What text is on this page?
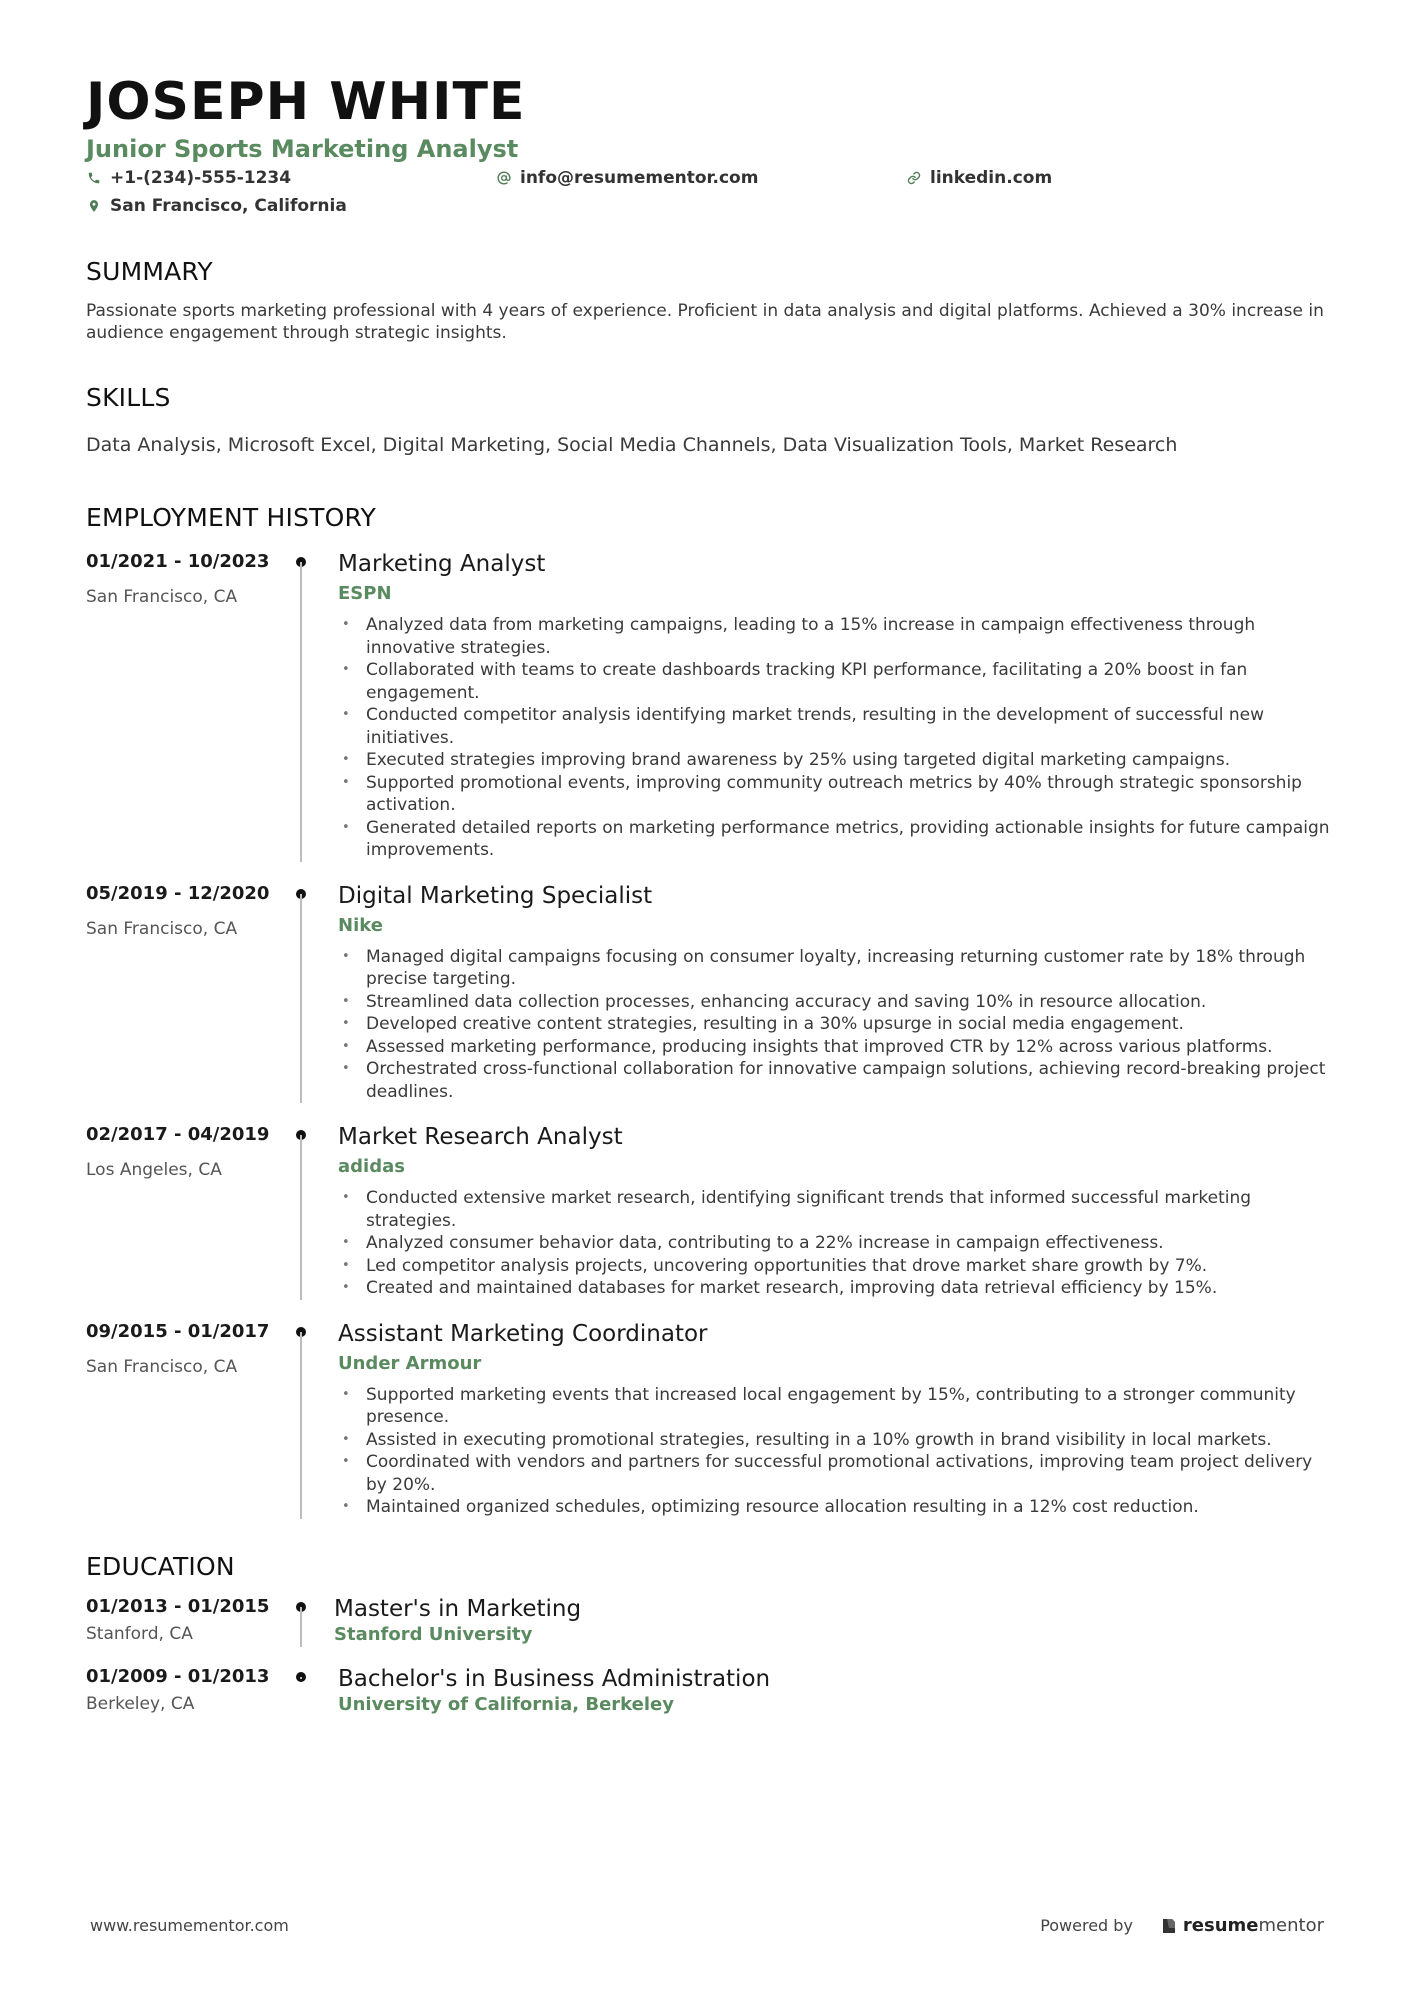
JOSEPH WHITE
Junior Sports Marketing Analyst
+1-(234)-555-1234	info@resumementor.com	linkedin.com
San Francisco, California
SUMMARY
Passionate sports marketing professional with 4 years of experience. Proficient in data analysis and digital platforms. Achieved a 30% increase in audience engagement through strategic insights.
SKILLS
Data Analysis, Microsoft Excel, Digital Marketing, Social Media Channels, Data Visualization Tools, Market Research
EMPLOYMENT HISTORY
01/2021 - 10/2023
San Francisco, CA
Marketing Analyst
ESPN
• Analyzed data from marketing campaigns, leading to a 15% increase in campaign effectiveness through innovative strategies.
• Collaborated with teams to create dashboards tracking KPI performance, facilitating a 20% boost in fan engagement.
• Conducted competitor analysis identifying market trends, resulting in the development of successful new initiatives.
• Executed strategies improving brand awareness by 25% using targeted digital marketing campaigns.
• Supported promotional events, improving community outreach metrics by 40% through strategic sponsorship activation.
• Generated detailed reports on marketing performance metrics, providing actionable insights for future campaign improvements.
05/2019 - 12/2020
San Francisco, CA
Digital Marketing Specialist
Nike
• Managed digital campaigns focusing on consumer loyalty, increasing returning customer rate by 18% through precise targeting.
• Streamlined data collection processes, enhancing accuracy and saving 10% in resource allocation.
• Developed creative content strategies, resulting in a 30% upsurge in social media engagement.
• Assessed marketing performance, producing insights that improved CTR by 12% across various platforms.
• Orchestrated cross-functional collaboration for innovative campaign solutions, achieving record-breaking project deadlines.
02/2017 - 04/2019
Los Angeles, CA
Market Research Analyst
adidas
• Conducted extensive market research, identifying significant trends that informed successful marketing strategies.
• Analyzed consumer behavior data, contributing to a 22% increase in campaign effectiveness.
• Led competitor analysis projects, uncovering opportunities that drove market share growth by 7%.
• Created and maintained databases for market research, improving data retrieval efficiency by 15%.
09/2015 - 01/2017
San Francisco, CA
Assistant Marketing Coordinator
Under Armour
• Supported marketing events that increased local engagement by 15%, contributing to a stronger community presence.
• Assisted in executing promotional strategies, resulting in a 10% growth in brand visibility in local markets.
• Coordinated with vendors and partners for successful promotional activations, improving team project delivery by 20%.
• Maintained organized schedules, optimizing resource allocation resulting in a 12% cost reduction.
EDUCATION
01/2013 - 01/2015
Stanford, CA
Master's in Marketing
Stanford University
01/2009 - 01/2013
Berkeley, CA
Bachelor's in Business Administration
University of California, Berkeley
www.resumementor.com	Powered by	resume mentor
